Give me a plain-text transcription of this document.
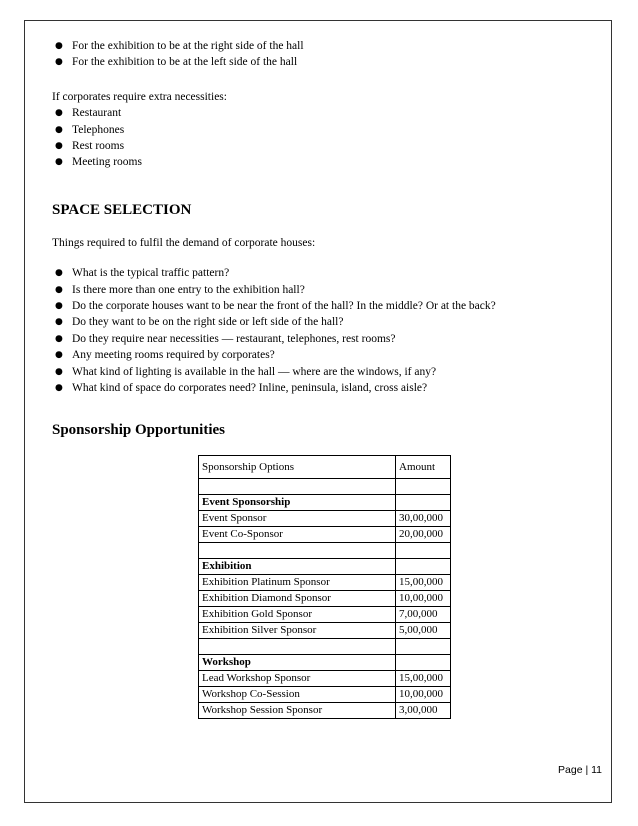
● For the exhibition to be at the right side of the hall
● For the exhibition to be at the left side of the hall

If corporates require extra necessities:

● Restaurant
● Telephones
● Rest rooms
● Meeting rooms
SPACE SELECTION

Things required to fulfil the demand of corporate houses:

● What is the typical traffic pattern?
● Is there more than one entry to the exhibition hall?
● Do the corporate houses want to be near the front of the hall? In the middle? Or at the back?
● Do they want to be on the right side or left side of the hall?
● Do they require near necessities — restaurant, telephones, rest rooms?
● Any meeting rooms required by corporates?
● What kind of lighting is available in the hall — where are the windows, if any?
● What kind of space do corporates need? Inline, peninsula, island, cross aisle?
Sponsorship Opportunities
Sponsorship Options	Amount

Event Sponsorship	
Event Sponsor	30,00,000
Event Co-Sponsor	20,00,000

Exhibition	
Exhibition Platinum Sponsor	15,00,000
Exhibition Diamond Sponsor	10,00,000
Exhibition Gold Sponsor	7,00,000
Exhibition Silver Sponsor	5,00,000

Workshop	
Lead Workshop Sponsor	15,00,000
Workshop Co-Session	10,00,000
Workshop Session Sponsor	3,00,000
Page | 11
